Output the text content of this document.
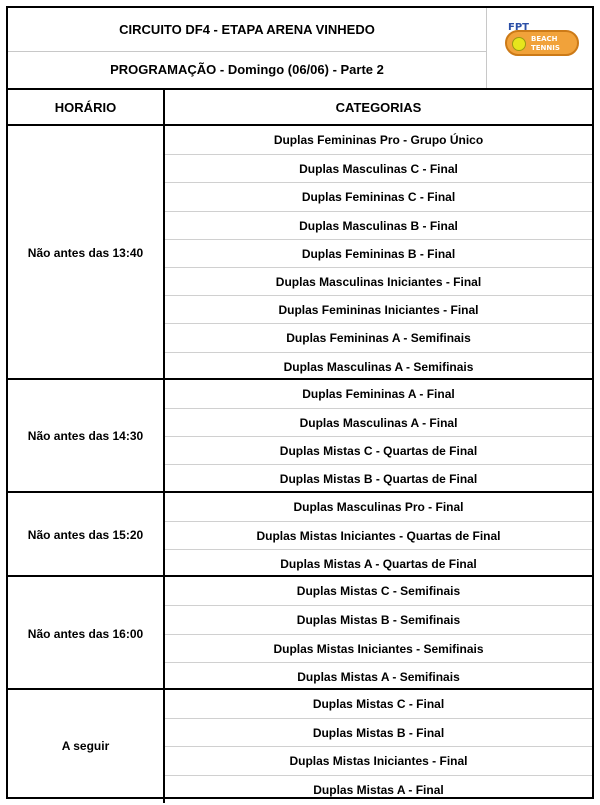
CIRCUITO DF4 - ETAPA ARENA VINHEDO
PROGRAMAÇÃO - Domingo (06/06) - Parte 2
FPT
BEACH
TENNIS
HORÁRIO	CATEGORIAS
Não antes das 13:40
Duplas Femininas Pro - Grupo Único
Duplas Masculinas C - Final
Duplas Femininas C - Final
Duplas Masculinas B - Final
Duplas Femininas B - Final
Duplas Masculinas Iniciantes - Final
Duplas Femininas Iniciantes - Final
Duplas Femininas A - Semifinais
Duplas Masculinas A - Semifinais
Não antes das 14:30
Duplas Femininas A - Final
Duplas Masculinas A - Final
Duplas Mistas C - Quartas de Final
Duplas Mistas B - Quartas de Final
Não antes das 15:20
Duplas Masculinas Pro - Final
Duplas Mistas Iniciantes - Quartas de Final
Duplas Mistas A - Quartas de Final
Não antes das 16:00
Duplas Mistas C - Semifinais
Duplas Mistas B - Semifinais
Duplas Mistas Iniciantes - Semifinais
Duplas Mistas A - Semifinais
A seguir
Duplas Mistas C - Final
Duplas Mistas B - Final
Duplas Mistas Iniciantes - Final
Duplas Mistas A - Final
